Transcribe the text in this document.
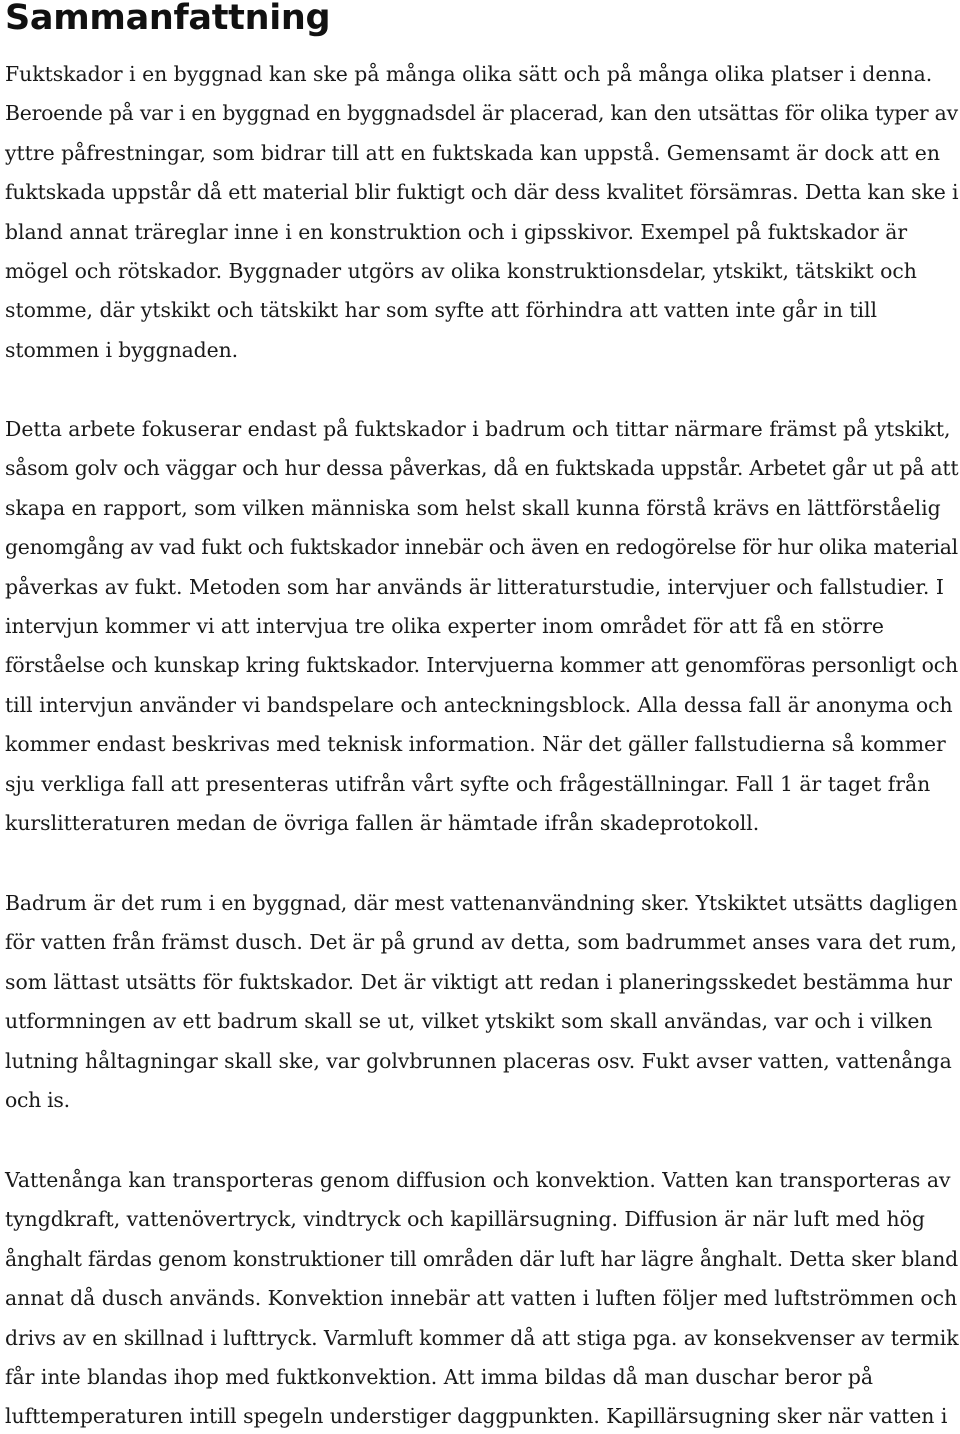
Sammanfattning

Fuktskador i en byggnad kan ske på många olika sätt och på många olika platser i denna.
Beroende på var i en byggnad en byggnadsdel är placerad, kan den utsättas för olika typer av
yttre påfrestningar, som bidrar till att en fuktskada kan uppstå. Gemensamt är dock att en
fuktskada uppstår då ett material blir fuktigt och där dess kvalitet försämras. Detta kan ske i
bland annat träreglar inne i en konstruktion och i gipsskivor. Exempel på fuktskador är
mögel och rötskador. Byggnader utgörs av olika konstruktionsdelar, ytskikt, tätskikt och
stomme, där ytskikt och tätskikt har som syfte att förhindra att vatten inte går in till
stommen i byggnaden.

Detta arbete fokuserar endast på fuktskador i badrum och tittar närmare främst på ytskikt,
såsom golv och väggar och hur dessa påverkas, då en fuktskada uppstår. Arbetet går ut på att
skapa en rapport, som vilken människa som helst skall kunna förstå krävs en lättförståelig
genomgång av vad fukt och fuktskador innebär och även en redogörelse för hur olika material
påverkas av fukt. Metoden som har används är litteraturstudie, intervjuer och fallstudier. I
intervjun kommer vi att intervjua tre olika experter inom området för att få en större
förståelse och kunskap kring fuktskador. Intervjuerna kommer att genomföras personligt och
till intervjun använder vi bandspelare och anteckningsblock. Alla dessa fall är anonyma och
kommer endast beskrivas med teknisk information. När det gäller fallstudierna så kommer
sju verkliga fall att presenteras utifrån vårt syfte och frågeställningar. Fall 1 är taget från
kurslitteraturen medan de övriga fallen är hämtade ifrån skadeprotokoll.

Badrum är det rum i en byggnad, där mest vattenanvändning sker. Ytskiktet utsätts dagligen
för vatten från främst dusch. Det är på grund av detta, som badrummet anses vara det rum,
som lättast utsätts för fuktskador. Det är viktigt att redan i planeringsskedet bestämma hur
utformningen av ett badrum skall se ut, vilket ytskikt som skall användas, var och i vilken
lutning håltagningar skall ske, var golvbrunnen placeras osv. Fukt avser vatten, vattenånga
och is.

Vattenånga kan transporteras genom diffusion och konvektion. Vatten kan transporteras av
tyngdkraft, vattenövertryck, vindtryck och kapillärsugning. Diffusion är när luft med hög
ånghalt färdas genom konstruktioner till områden där luft har lägre ånghalt. Detta sker bland
annat då dusch används. Konvektion innebär att vatten i luften följer med luftströmmen och
drivs av en skillnad i lufttryck. Varmluft kommer då att stiga pga. av konsekvenser av termik
får inte blandas ihop med fuktkonvektion. Att imma bildas då man duschar beror på
lufttemperaturen intill spegeln understiger daggpunkten. Kapillärsugning sker när vatten i
